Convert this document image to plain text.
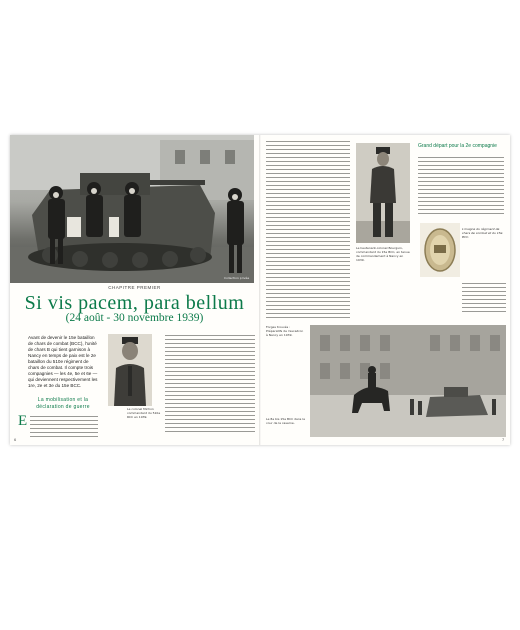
Collection privée
CHAPITRE PREMIER
Si vis pacem, para bellum
(24 août - 30 novembre 1939)
Avant de devenir le 15e bataillon de chars de combat (BCC), l'unité de chars B qui tient garnison à Nancy en temps de paix est le 2e bataillon du 510e régiment de chars de combat. Il compte trois compagnies — les 4e, 5e et 6e — qui deviennent respectivement les 1re, 2e et 3e du 15e BCC.
La mobilisation et la déclaration de guerre
E
Le colonel Michon commandant du 510e RCC en 1939.
6
Le lieutenant-colonel Bourguin, commandant du 15e BCC, en tenue de commandement à Nancy en 1939.
Grand départ pour la 2e compagnie
L'insigne du régiment de chars de combat et du 15e BCC.
Forges trouvés : Préparatifs de l'escadron à Nancy en 1939.
Le 8e bis 15e BCC dans la cour de la caserne.
7
